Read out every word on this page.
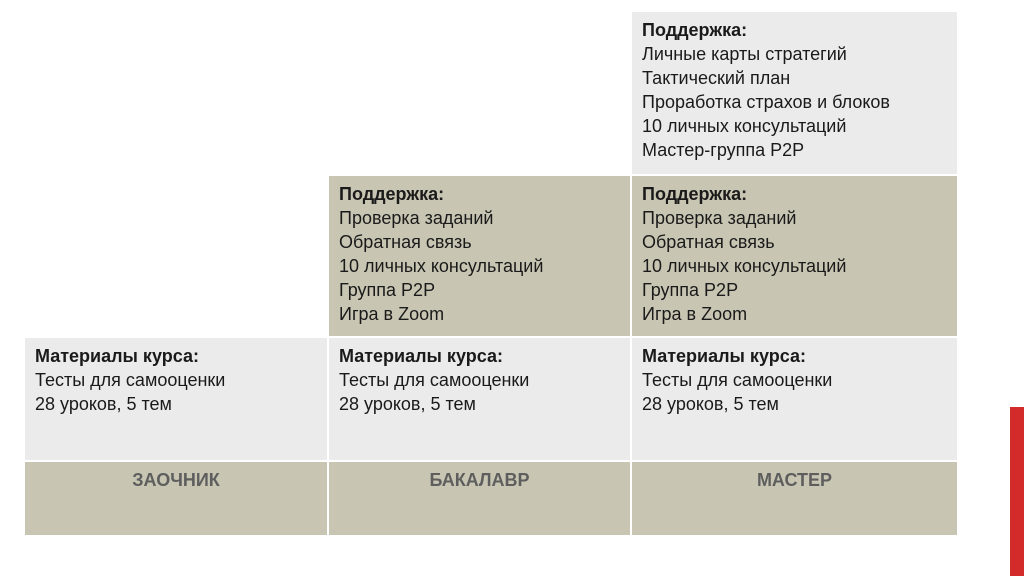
Поддержка:
Личные карты стратегий
Тактический план
Проработка страхов и блоков
10 личных консультаций
Мастер-группа P2P
Поддержка:
Проверка заданий
Обратная связь
10 личных консультаций
Группа P2P
Игра в Zoom
Поддержка:
Проверка заданий
Обратная связь
10 личных консультаций
Группа P2P
Игра в Zoom
Материалы курса:
Тесты для самооценки
28 уроков, 5 тем
Материалы курса:
Тесты для самооценки
28 уроков, 5 тем
Материалы курса:
Тесты для самооценки
28 уроков, 5 тем
ЗАОЧНИК	БАКАЛАВР	МАСТЕР
